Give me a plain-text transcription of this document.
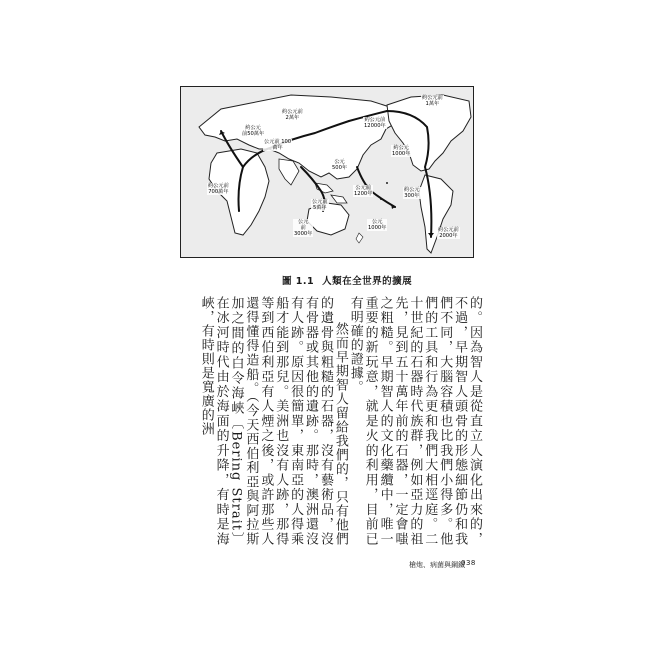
約公元前
2萬年
約公元
前50萬年
公元前 100
萬年
約公元前
12000年
公元
500年
約公元
1000年
約公元前
700萬年
公元前
5萬年
公元
前
3000年
公元
1000年
約公元前
1萬年
約公元前
2000年
公元前
1200年
約公元
300年
圖 1.1 人類在全世界的擴展

的。因為智人是從直立人演化出來的，不過，早期智人頭骨的形態細節仍和我們不同，大腦容積也比我們小得多。他們的工具和行為更和我們大相逕庭。二十世紀的石器時代族群，例如亞力的祖先，見到五十萬年前的石器，一定會嗤之粗糙。早期智人的文化藥纜中，唯一重要的新玩意，就是火的利用，目前已有明確的證據。

然而早期智人留給我們的，只有他們的遺骨與粗糙的石器，沒有藝術品，沒有骨器或其他的遺跡。那時，澳洲還沒有人跡。原因很簡單，東南亞的人得乘船才能到那兒。美洲也沒有人跡，那得等到西伯利亞有人煙之後，或許那些人還得懂得造船。（今天西伯利亞與阿拉斯加之間的白令海峽〔Bering Strait〕在冰河時代由於海面的升降，有時是海峽，有時則是寬廣的洲

槍炮、病菌與鋼鐵
038
